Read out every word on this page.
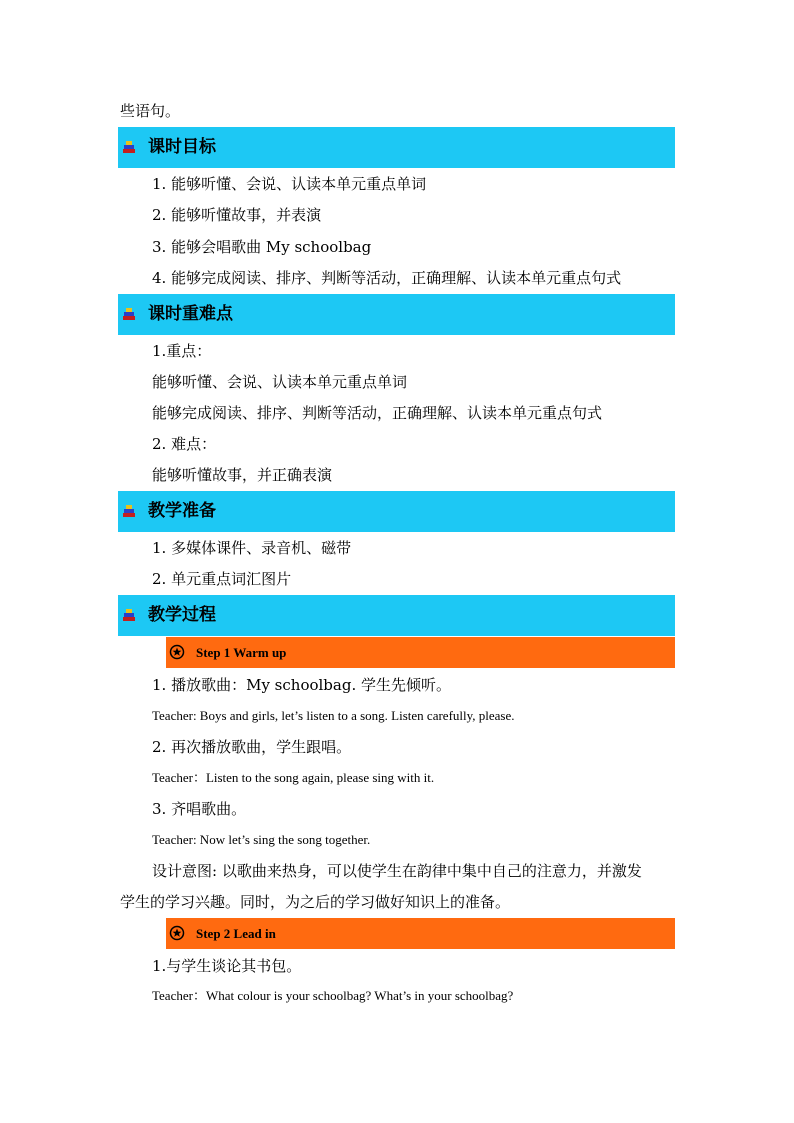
些语句。
课时目标
1. 能够听懂、会说、认读本单元重点单词
2. 能够听懂故事，并表演
3. 能够会唱歌曲 My schoolbag
4. 能够完成阅读、排序、判断等活动，正确理解、认读本单元重点句式
课时重难点
1.重点：
能够听懂、会说、认读本单元重点单词
能够完成阅读、排序、判断等活动，正确理解、认读本单元重点句式
2. 难点：
能够听懂故事，并正确表演
教学准备
1. 多媒体课件、录音机、磁带
2. 单元重点词汇图片
教学过程
Step 1 Warm up
1. 播放歌曲：My schoolbag. 学生先倾听。
Teacher: Boys and girls, let’s listen to a song. Listen carefully, please.
2. 再次播放歌曲，学生跟唱。
Teacher：Listen to the song again, please sing with it.
3. 齐唱歌曲。
Teacher: Now let’s sing the song together.
设计意图: 以歌曲来热身，可以使学生在韵律中集中自己的注意力，并激发
学生的学习兴趣。同时，为之后的学习做好知识上的准备。
Step 2 Lead in
1.与学生谈论其书包。
Teacher：What colour is your schoolbag? What’s in your schoolbag?
